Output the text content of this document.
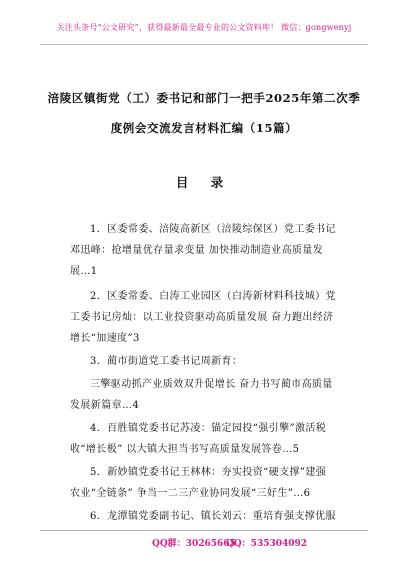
关注头条号“公文研究”，获得最新最全最专业的公文资料库！ 微信：gongwenyj
涪陵区镇街党（工）委书记和部门一把手2025年第二次季
度例会交流发言材料汇编（15篇）
目 录
1．区委常委、涪陵高新区（涪陵综保区）党工委书记
邓迅峰：抢增量优存量求变量 加快推动制造业高质量发
展…1
2．区委常委、白涛工业园区（白涛新材料科技城）党
工委书记房灿：以工业投资驱动高质量发展 奋力跑出经济
增长“加速度”3
3．蔺市街道党工委书记周新育：
三擎驱动抓产业质效双升促增长 奋力书写蔺市高质量
发展新篇章…4
4．百胜镇党委书记苏凌：锚定园投“强引擎”激活税
收“增长极” 以大镇大担当书写高质量发展答卷…5
5．新妙镇党委书记王林林：夯实投资“硬支撑”建强
农业“全链条” 争当一二三产业协同发展“三好生”…6
6．龙潭镇党委副书记、镇长刘云：重培育强支撑优服
QQ群：30265665
QQ：535304092
